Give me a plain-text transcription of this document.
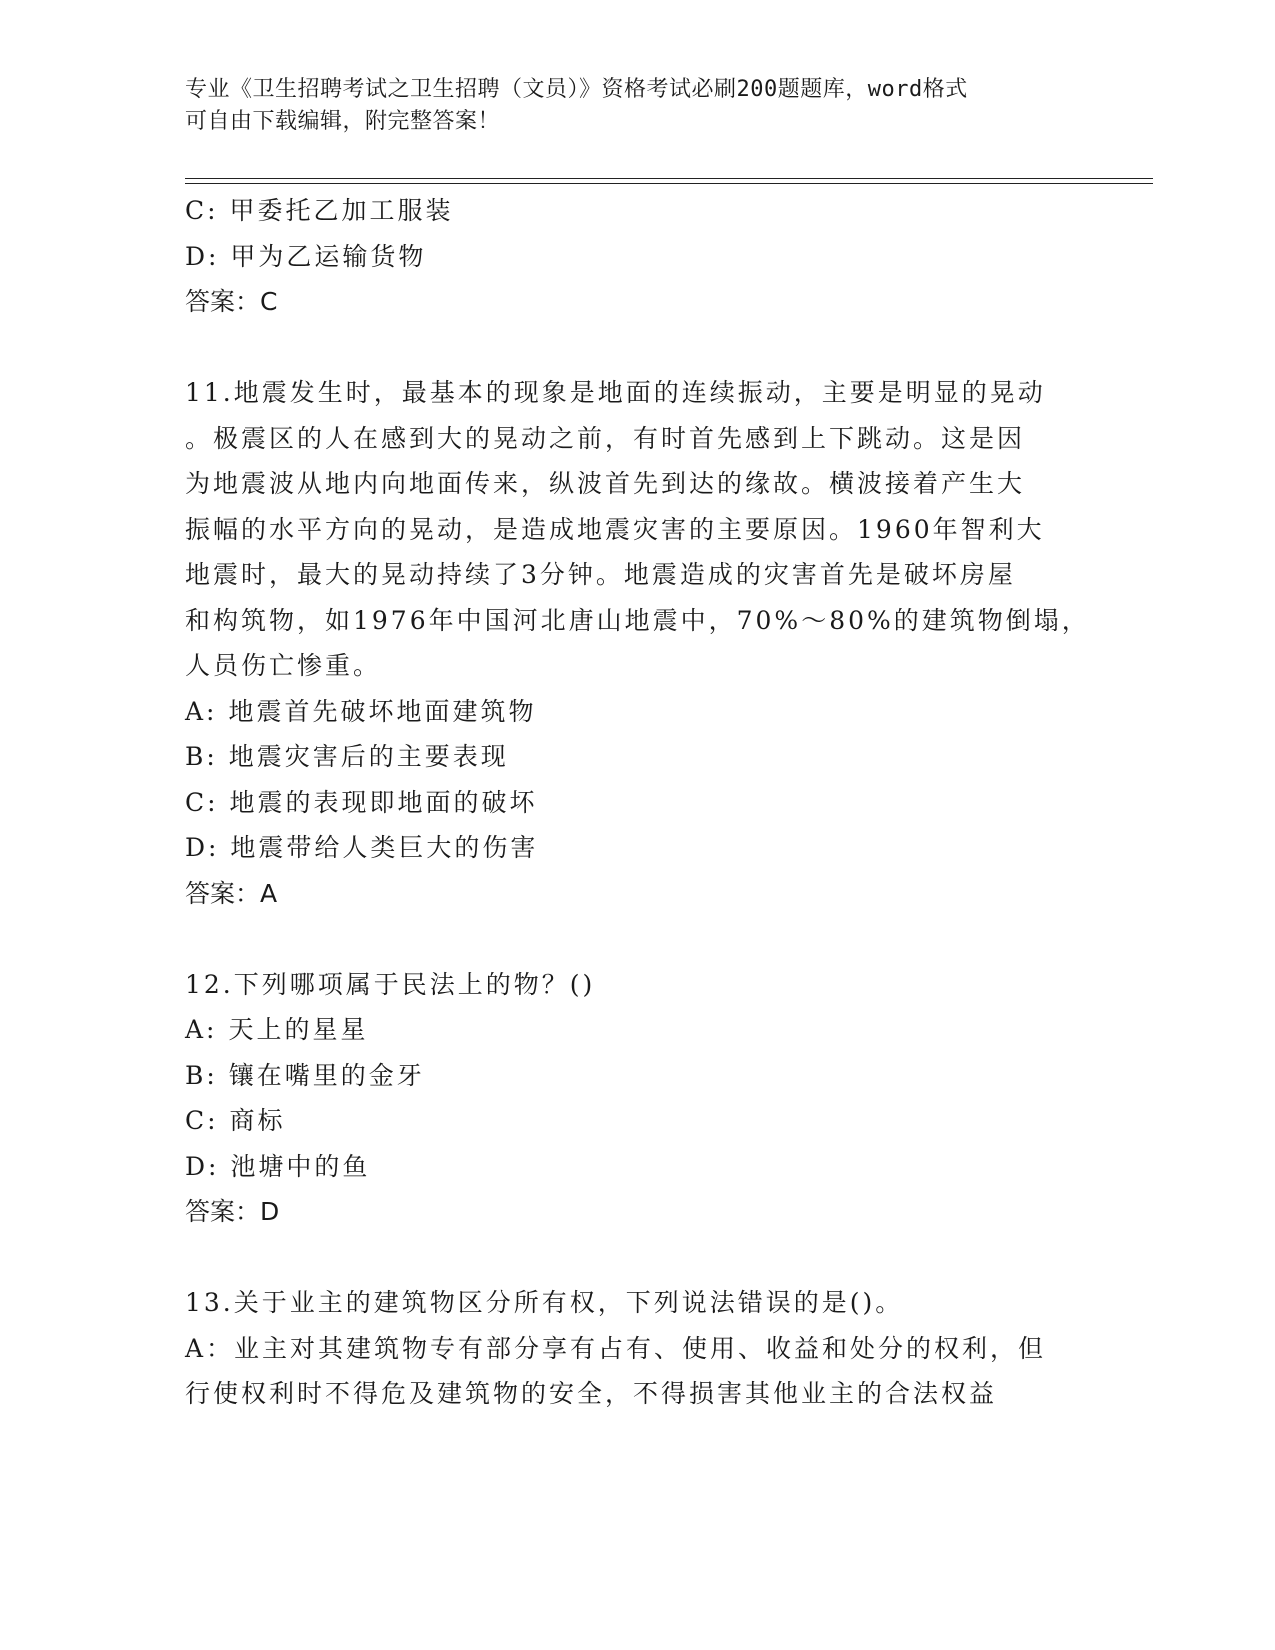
专业《卫生招聘考试之卫生招聘（文员）》资格考试必刷200题题库，word格式
可自由下载编辑，附完整答案！
C: 甲委托乙加工服装
D: 甲为乙运输货物
答案：C
11.地震发生时，最基本的现象是地面的连续振动，主要是明显的晃动
。极震区的人在感到大的晃动之前，有时首先感到上下跳动。这是因
为地震波从地内向地面传来，纵波首先到达的缘故。横波接着产生大
振幅的水平方向的晃动，是造成地震灾害的主要原因。1960年智利大
地震时，最大的晃动持续了3分钟。地震造成的灾害首先是破坏房屋
和构筑物，如1976年中国河北唐山地震中，70%～80%的建筑物倒塌，
人员伤亡惨重。
A: 地震首先破坏地面建筑物
B: 地震灾害后的主要表现
C: 地震的表现即地面的破坏
D: 地震带给人类巨大的伤害
答案：A
12.下列哪项属于民法上的物？()
A: 天上的星星
B: 镶在嘴里的金牙
C: 商标
D: 池塘中的鱼
答案：D
13.关于业主的建筑物区分所有权，下列说法错误的是()。
A：业主对其建筑物专有部分享有占有、使用、收益和处分的权利，但
行使权利时不得危及建筑物的安全，不得损害其他业主的合法权益
